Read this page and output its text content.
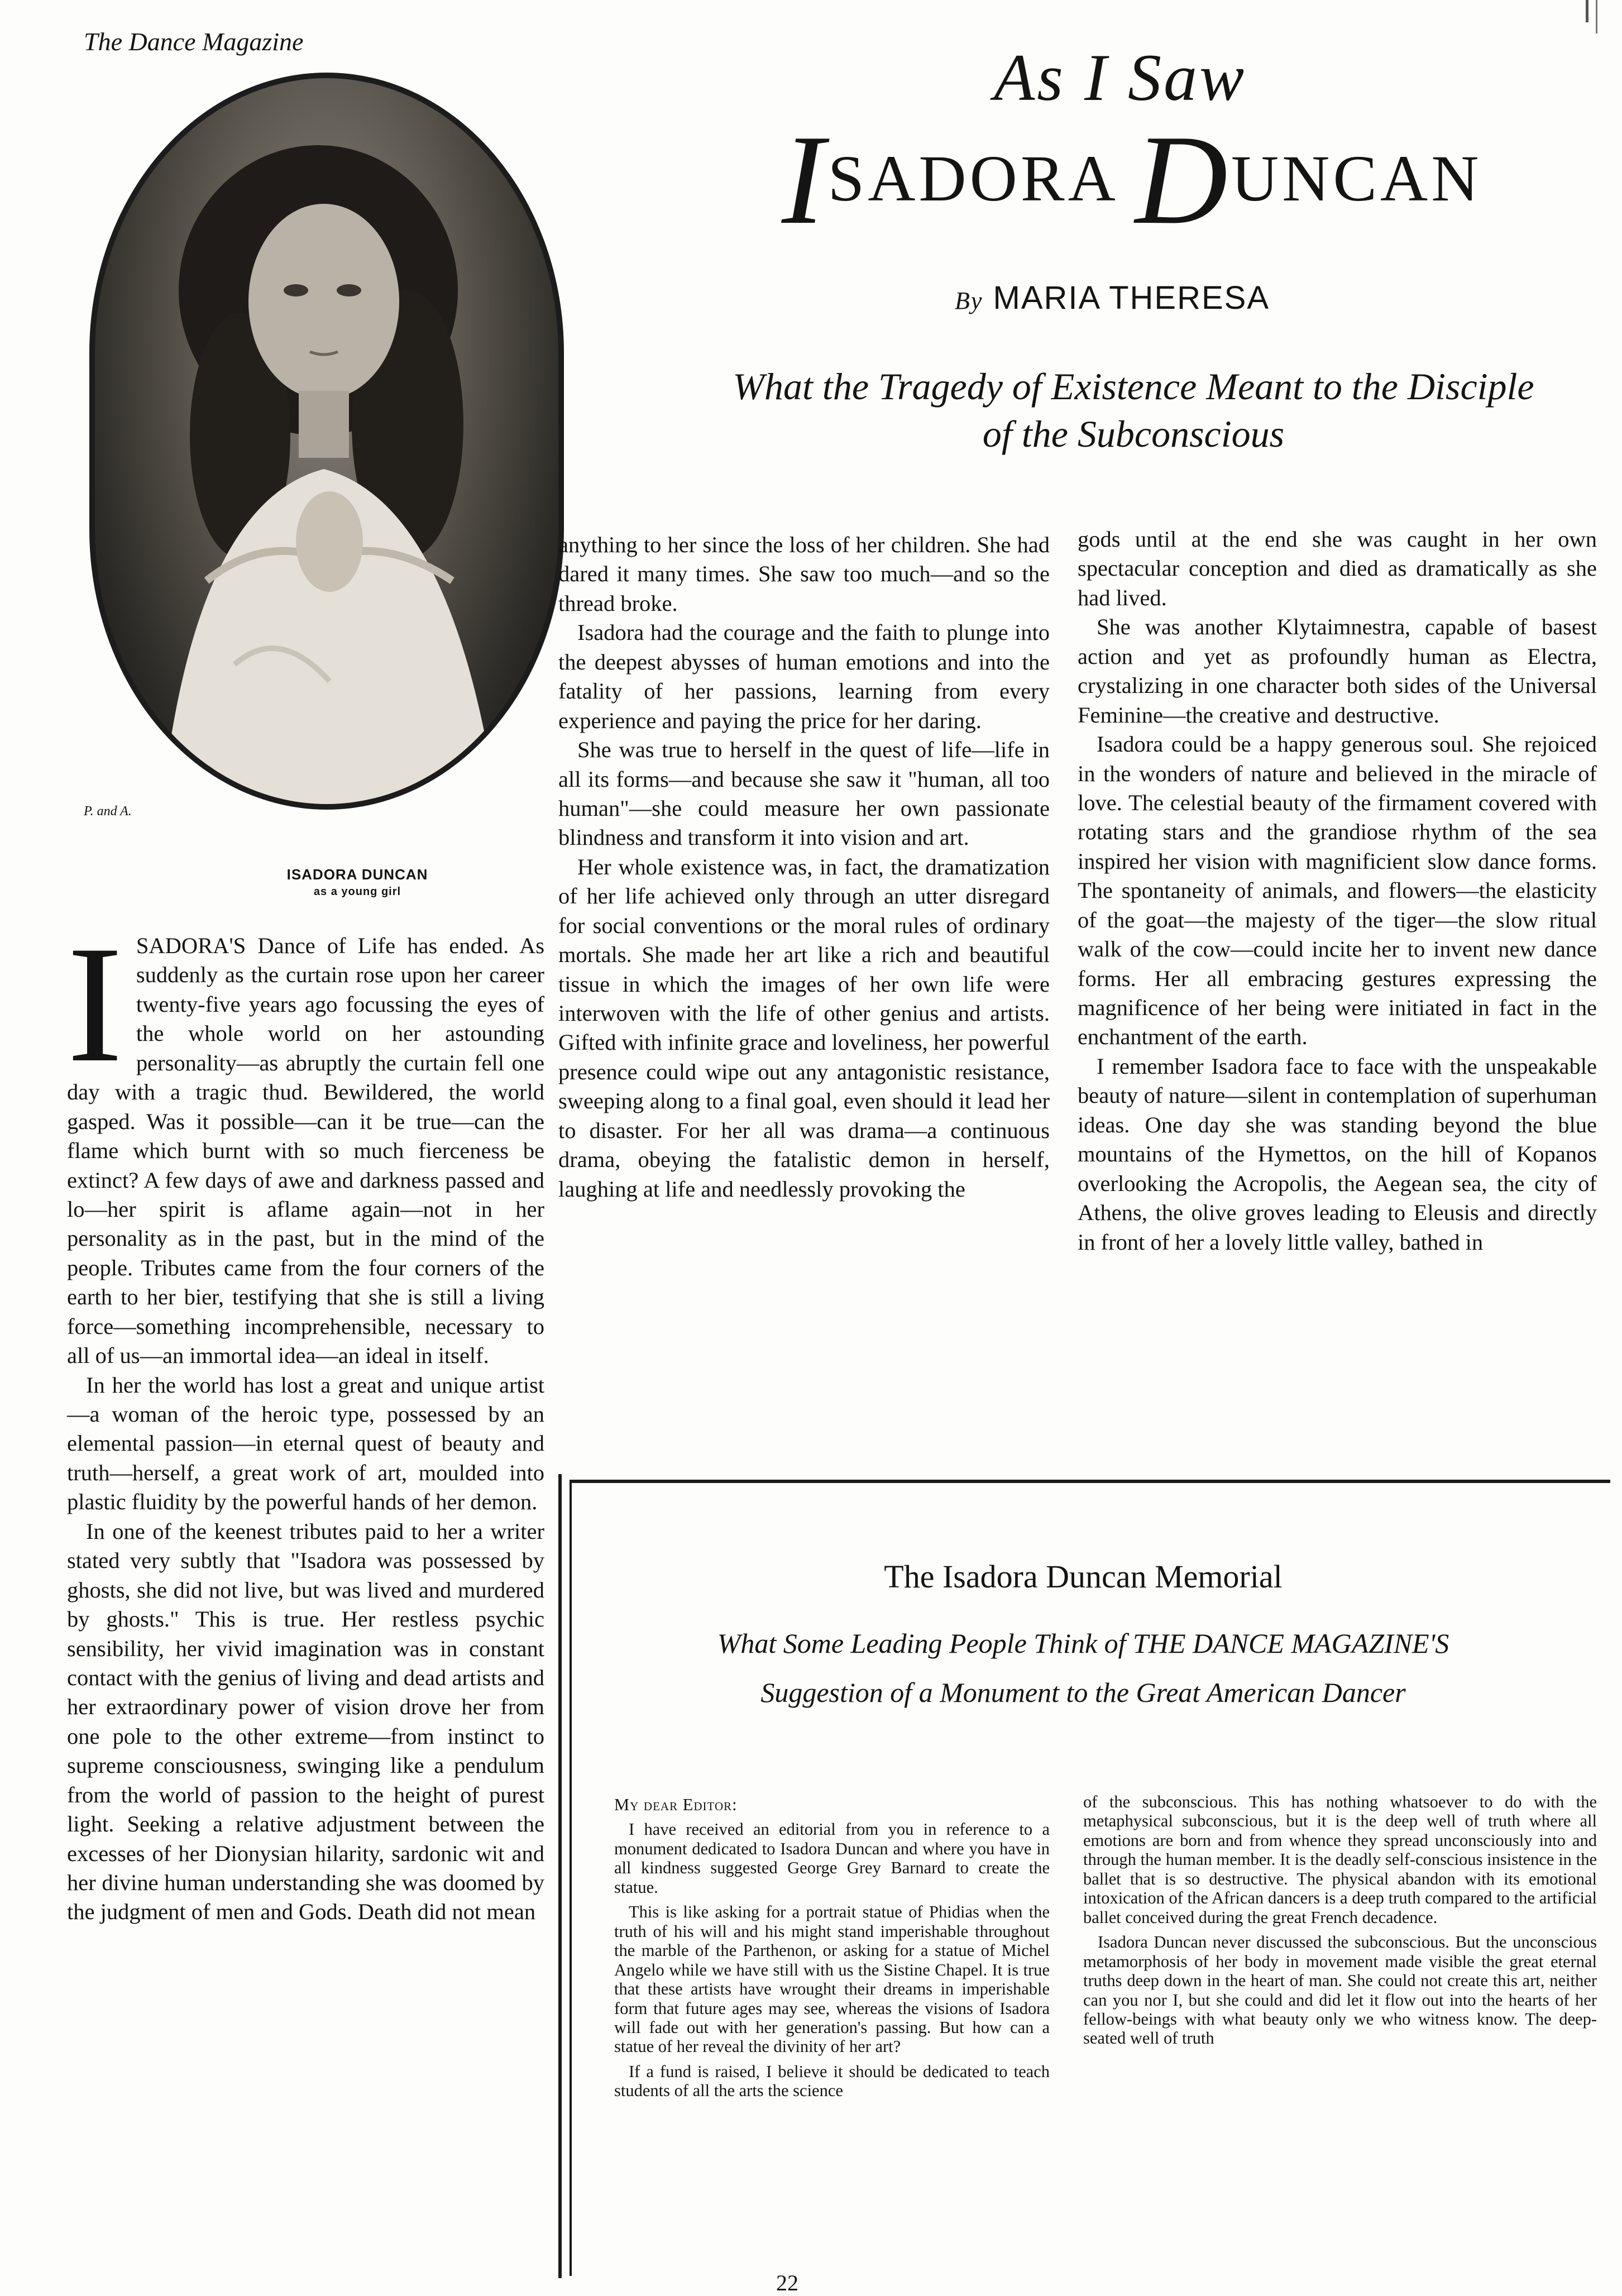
The Dance Magazine
P. and A.
ISADORA DUNCAN
as a young girl
As I Saw
ISADORA DUNCAN
By MARIA THERESA
What the Tragedy of Existence Meant to the Disciple of the Subconscious
I SADORA'S Dance of Life has ended. As suddenly as the curtain rose upon her career twenty-five years ago focussing the eyes of the whole world on her astounding personality—as abruptly the curtain fell one day with a tragic thud. Bewildered, the world gasped. Was it possible—can it be true—can the flame which burnt with so much fierceness be extinct? A few days of awe and darkness passed and lo—her spirit is aflame again—not in her personality as in the past, but in the mind of the people. Tributes came from the four corners of the earth to her bier, testifying that she is still a living force—something incomprehensible, necessary to all of us—an immortal idea—an ideal in itself.

In her the world has lost a great and unique artist—a woman of the heroic type, possessed by an elemental passion—in eternal quest of beauty and truth—herself, a great work of art, moulded into plastic fluidity by the powerful hands of her demon.

In one of the keenest tributes paid to her a writer stated very subtly that "Isadora was possessed by ghosts, she did not live, but was lived and murdered by ghosts." This is true. Her restless psychic sensibility, her vivid imagination was in constant contact with the genius of living and dead artists and her extraordinary power of vision drove her from one pole to the other extreme—from instinct to supreme consciousness, swinging like a pendulum from the world of passion to the height of purest light. Seeking a relative adjustment between the excesses of her Dionysian hilarity, sardonic wit and her divine human understanding she was doomed by the judgment of men and Gods. Death did not mean

anything to her since the loss of her children. She had dared it many times. She saw too much—and so the thread broke.

Isadora had the courage and the faith to plunge into the deepest abysses of human emotions and into the fatality of her passions, learning from every experience and paying the price for her daring.

She was true to herself in the quest of life—life in all its forms—and because she saw it "human, all too human"—she could measure her own passionate blindness and transform it into vision and art.

Her whole existence was, in fact, the dramatization of her life achieved only through an utter disregard for social conventions or the moral rules of ordinary mortals. She made her art like a rich and beautiful tissue in which the images of her own life were interwoven with the life of other genius and artists. Gifted with infinite grace and loveliness, her powerful presence could wipe out any antagonistic resistance, sweeping along to a final goal, even should it lead her to disaster. For her all was drama—a continuous drama, obeying the fatalistic demon in herself, laughing at life and needlessly provoking the

gods until at the end she was caught in her own spectacular conception and died as dramatically as she had lived.

She was another Klytaimnestra, capable of basest action and yet as profoundly human as Electra, crystalizing in one character both sides of the Universal Feminine—the creative and destructive.

Isadora could be a happy generous soul. She rejoiced in the wonders of nature and believed in the miracle of love. The celestial beauty of the firmament covered with rotating stars and the grandiose rhythm of the sea inspired her vision with magnificient slow dance forms. The spontaneity of animals, and flowers—the elasticity of the goat—the majesty of the tiger—the slow ritual walk of the cow—could incite her to invent new dance forms. Her all embracing gestures expressing the magnificence of her being were initiated in fact in the enchantment of the earth.

I remember Isadora face to face with the unspeakable beauty of nature—silent in contemplation of superhuman ideas. One day she was standing beyond the blue mountains of the Hymettos, on the hill of Kopanos overlooking the Acropolis, the Aegean sea, the city of Athens, the olive groves leading to Eleusis and directly in front of her a lovely little valley, bathed in

The Isadora Duncan Memorial
What Some Leading People Think of THE DANCE MAGAZINE'S
Suggestion of a Monument to the Great American Dancer

My dear Editor:

I have received an editorial from you in reference to a monument dedicated to Isadora Duncan and where you have in all kindness suggested George Grey Barnard to create the statue.

This is like asking for a portrait statue of Phidias when the truth of his will and his might stand imperishable throughout the marble of the Parthenon, or asking for a statue of Michel Angelo while we have still with us the Sistine Chapel. It is true that these artists have wrought their dreams in imperishable form that future ages may see, whereas the visions of Isadora will fade out with her generation's passing. But how can a statue of her reveal the divinity of her art?

If a fund is raised, I believe it should be dedicated to teach students of all the arts the science

of the subconscious. This has nothing whatsoever to do with the metaphysical subconscious, but it is the deep well of truth where all emotions are born and from whence they spread unconsciously into and through the human member. It is the deadly self-conscious insistence in the ballet that is so destructive. The physical abandon with its emotional intoxication of the African dancers is a deep truth compared to the artificial ballet conceived during the great French decadence.

Isadora Duncan never discussed the subconscious. But the unconscious metamorphosis of her body in movement made visible the great eternal truths deep down in the heart of man. She could not create this art, neither can you nor I, but she could and did let it flow out into the hearts of her fellow-beings with what beauty only we who witness know. The deep-seated well of truth

22
